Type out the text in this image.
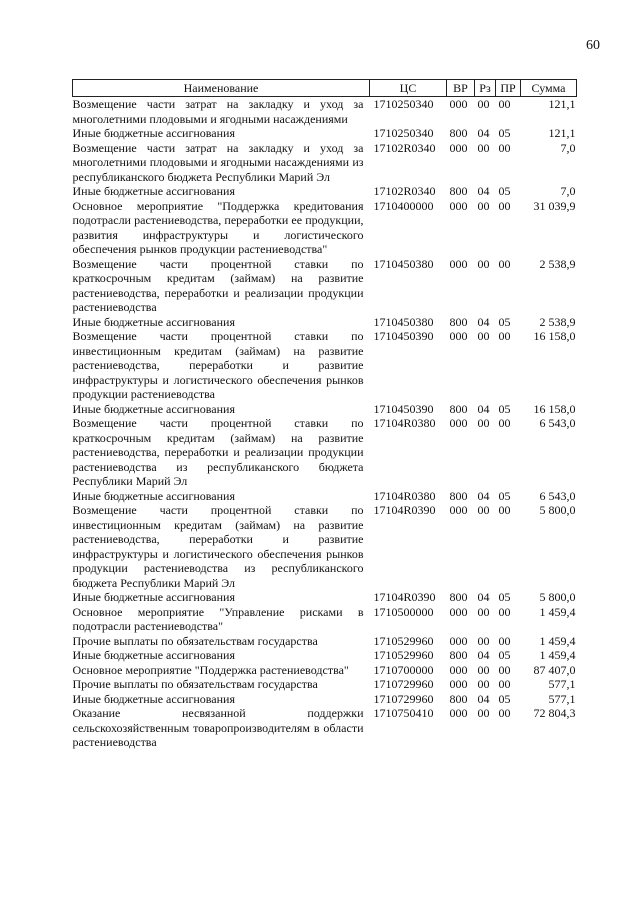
60
Наименование	ЦС	ВР	Рз	ПР	Сумма
Возмещение части затрат на закладку и уход за многолетними плодовыми и ягодными насаждениями	1710250340	000	00	00	121,1
Иные бюджетные ассигнования	1710250340	800	04	05	121,1
Возмещение части затрат на закладку и уход за многолетними плодовыми и ягодными насаждениями из республиканского бюджета Республики Марий Эл	17102R0340	000	00	00	7,0
Иные бюджетные ассигнования	17102R0340	800	04	05	7,0
Основное мероприятие "Поддержка кредитования подотрасли растениеводства, переработки ее продукции, развития инфраструктуры и логистического обеспечения рынков продукции растениеводства"	1710400000	000	00	00	31 039,9
Возмещение части процентной ставки по краткосрочным кредитам (займам) на развитие растениеводства, переработки и реализации продукции растениеводства	1710450380	000	00	00	2 538,9
Иные бюджетные ассигнования	1710450380	800	04	05	2 538,9
Возмещение части процентной ставки по инвестиционным кредитам (займам) на развитие растениеводства, переработки и развитие инфраструктуры и логистического обеспечения рынков продукции растениеводства	1710450390	000	00	00	16 158,0
Иные бюджетные ассигнования	1710450390	800	04	05	16 158,0
Возмещение части процентной ставки по краткосрочным кредитам (займам) на развитие растениеводства, переработки и реализации продукции растениеводства из республиканского бюджета Республики Марий Эл	17104R0380	000	00	00	6 543,0
Иные бюджетные ассигнования	17104R0380	800	04	05	6 543,0
Возмещение части процентной ставки по инвестиционным кредитам (займам) на развитие растениеводства, переработки и развитие инфраструктуры и логистического обеспечения рынков продукции растениеводства из республиканского бюджета Республики Марий Эл	17104R0390	000	00	00	5 800,0
Иные бюджетные ассигнования	17104R0390	800	04	05	5 800,0
Основное мероприятие "Управление рисками в подотрасли растениеводства"	1710500000	000	00	00	1 459,4
Прочие выплаты по обязательствам государства	1710529960	000	00	00	1 459,4
Иные бюджетные ассигнования	1710529960	800	04	05	1 459,4
Основное мероприятие "Поддержка растениеводства"	1710700000	000	00	00	87 407,0
Прочие выплаты по обязательствам государства	1710729960	000	00	00	577,1
Иные бюджетные ассигнования	1710729960	800	04	05	577,1
Оказание несвязанной поддержки сельскохозяйственным товаропроизводителям в области растениеводства	1710750410	000	00	00	72 804,3
